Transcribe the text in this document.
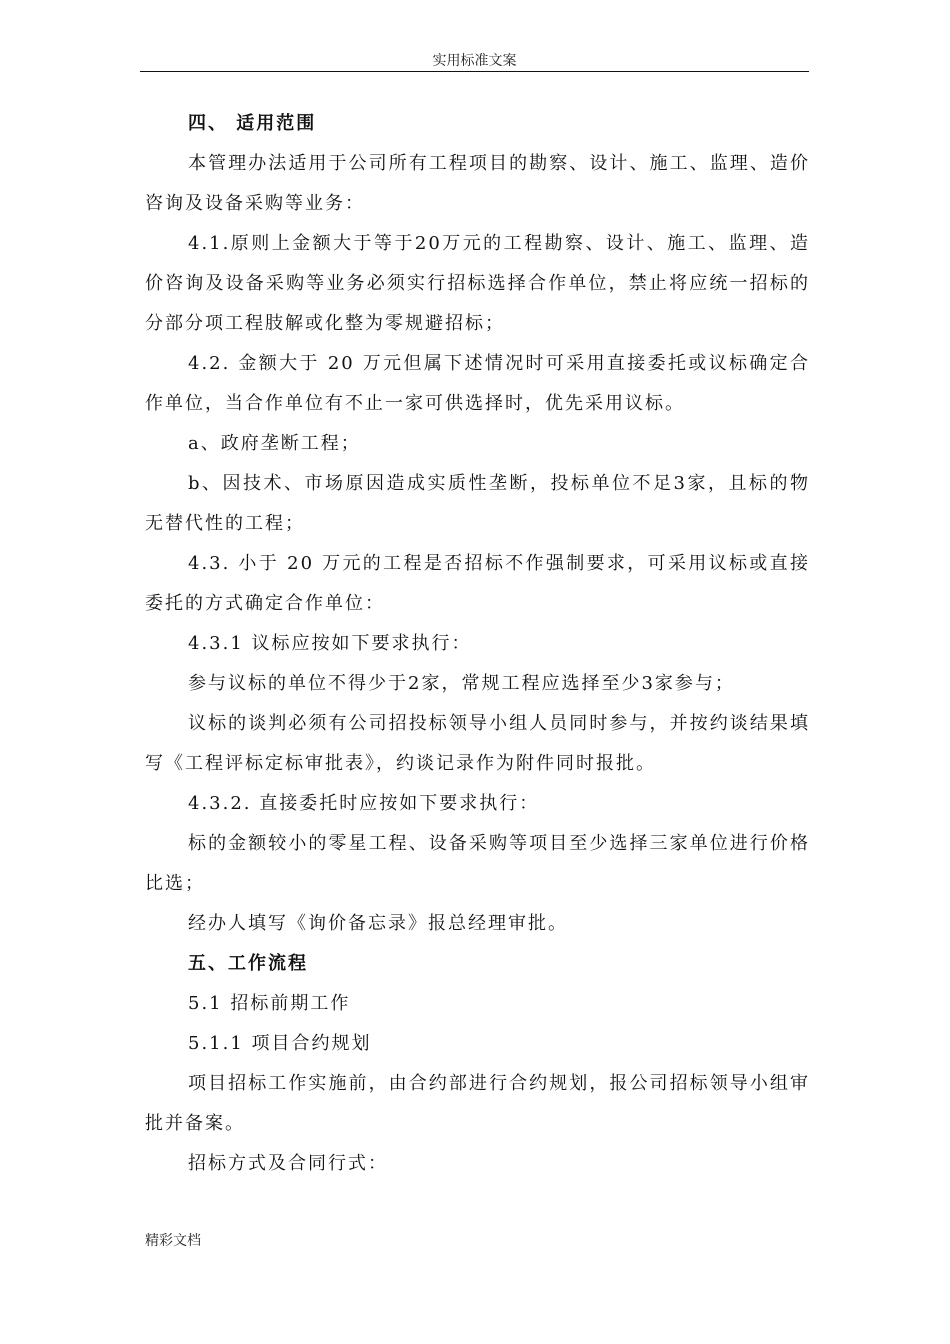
实用标准文案

四、 适用范围

本管理办法适用于公司所有工程项目的勘察、设计、施工、监理、造价咨询及设备采购等业务：

4.1.原则上金额大于等于20万元的工程勘察、设计、施工、监理、造价咨询及设备采购等业务必须实行招标选择合作单位，禁止将应统一招标的分部分项工程肢解或化整为零规避招标；

4.2. 金额大于 20 万元但属下述情况时可采用直接委托或议标确定合作单位，当合作单位有不止一家可供选择时，优先采用议标。

a、政府垄断工程；

b、因技术、市场原因造成实质性垄断，投标单位不足3家，且标的物无替代性的工程；

4.3. 小于 20 万元的工程是否招标不作强制要求，可采用议标或直接委托的方式确定合作单位：

4.3.1 议标应按如下要求执行：

参与议标的单位不得少于2家，常规工程应选择至少3家参与；

议标的谈判必须有公司招投标领导小组人员同时参与，并按约谈结果填写《工程评标定标审批表》，约谈记录作为附件同时报批。

4.3.2. 直接委托时应按如下要求执行：

标的金额较小的零星工程、设备采购等项目至少选择三家单位进行价格比选；

经办人填写《询价备忘录》报总经理审批。

五、工作流程

5.1 招标前期工作

5.1.1 项目合约规划

项目招标工作实施前，由合约部进行合约规划，报公司招标领导小组审批并备案。

招标方式及合同行式：

精彩文档
